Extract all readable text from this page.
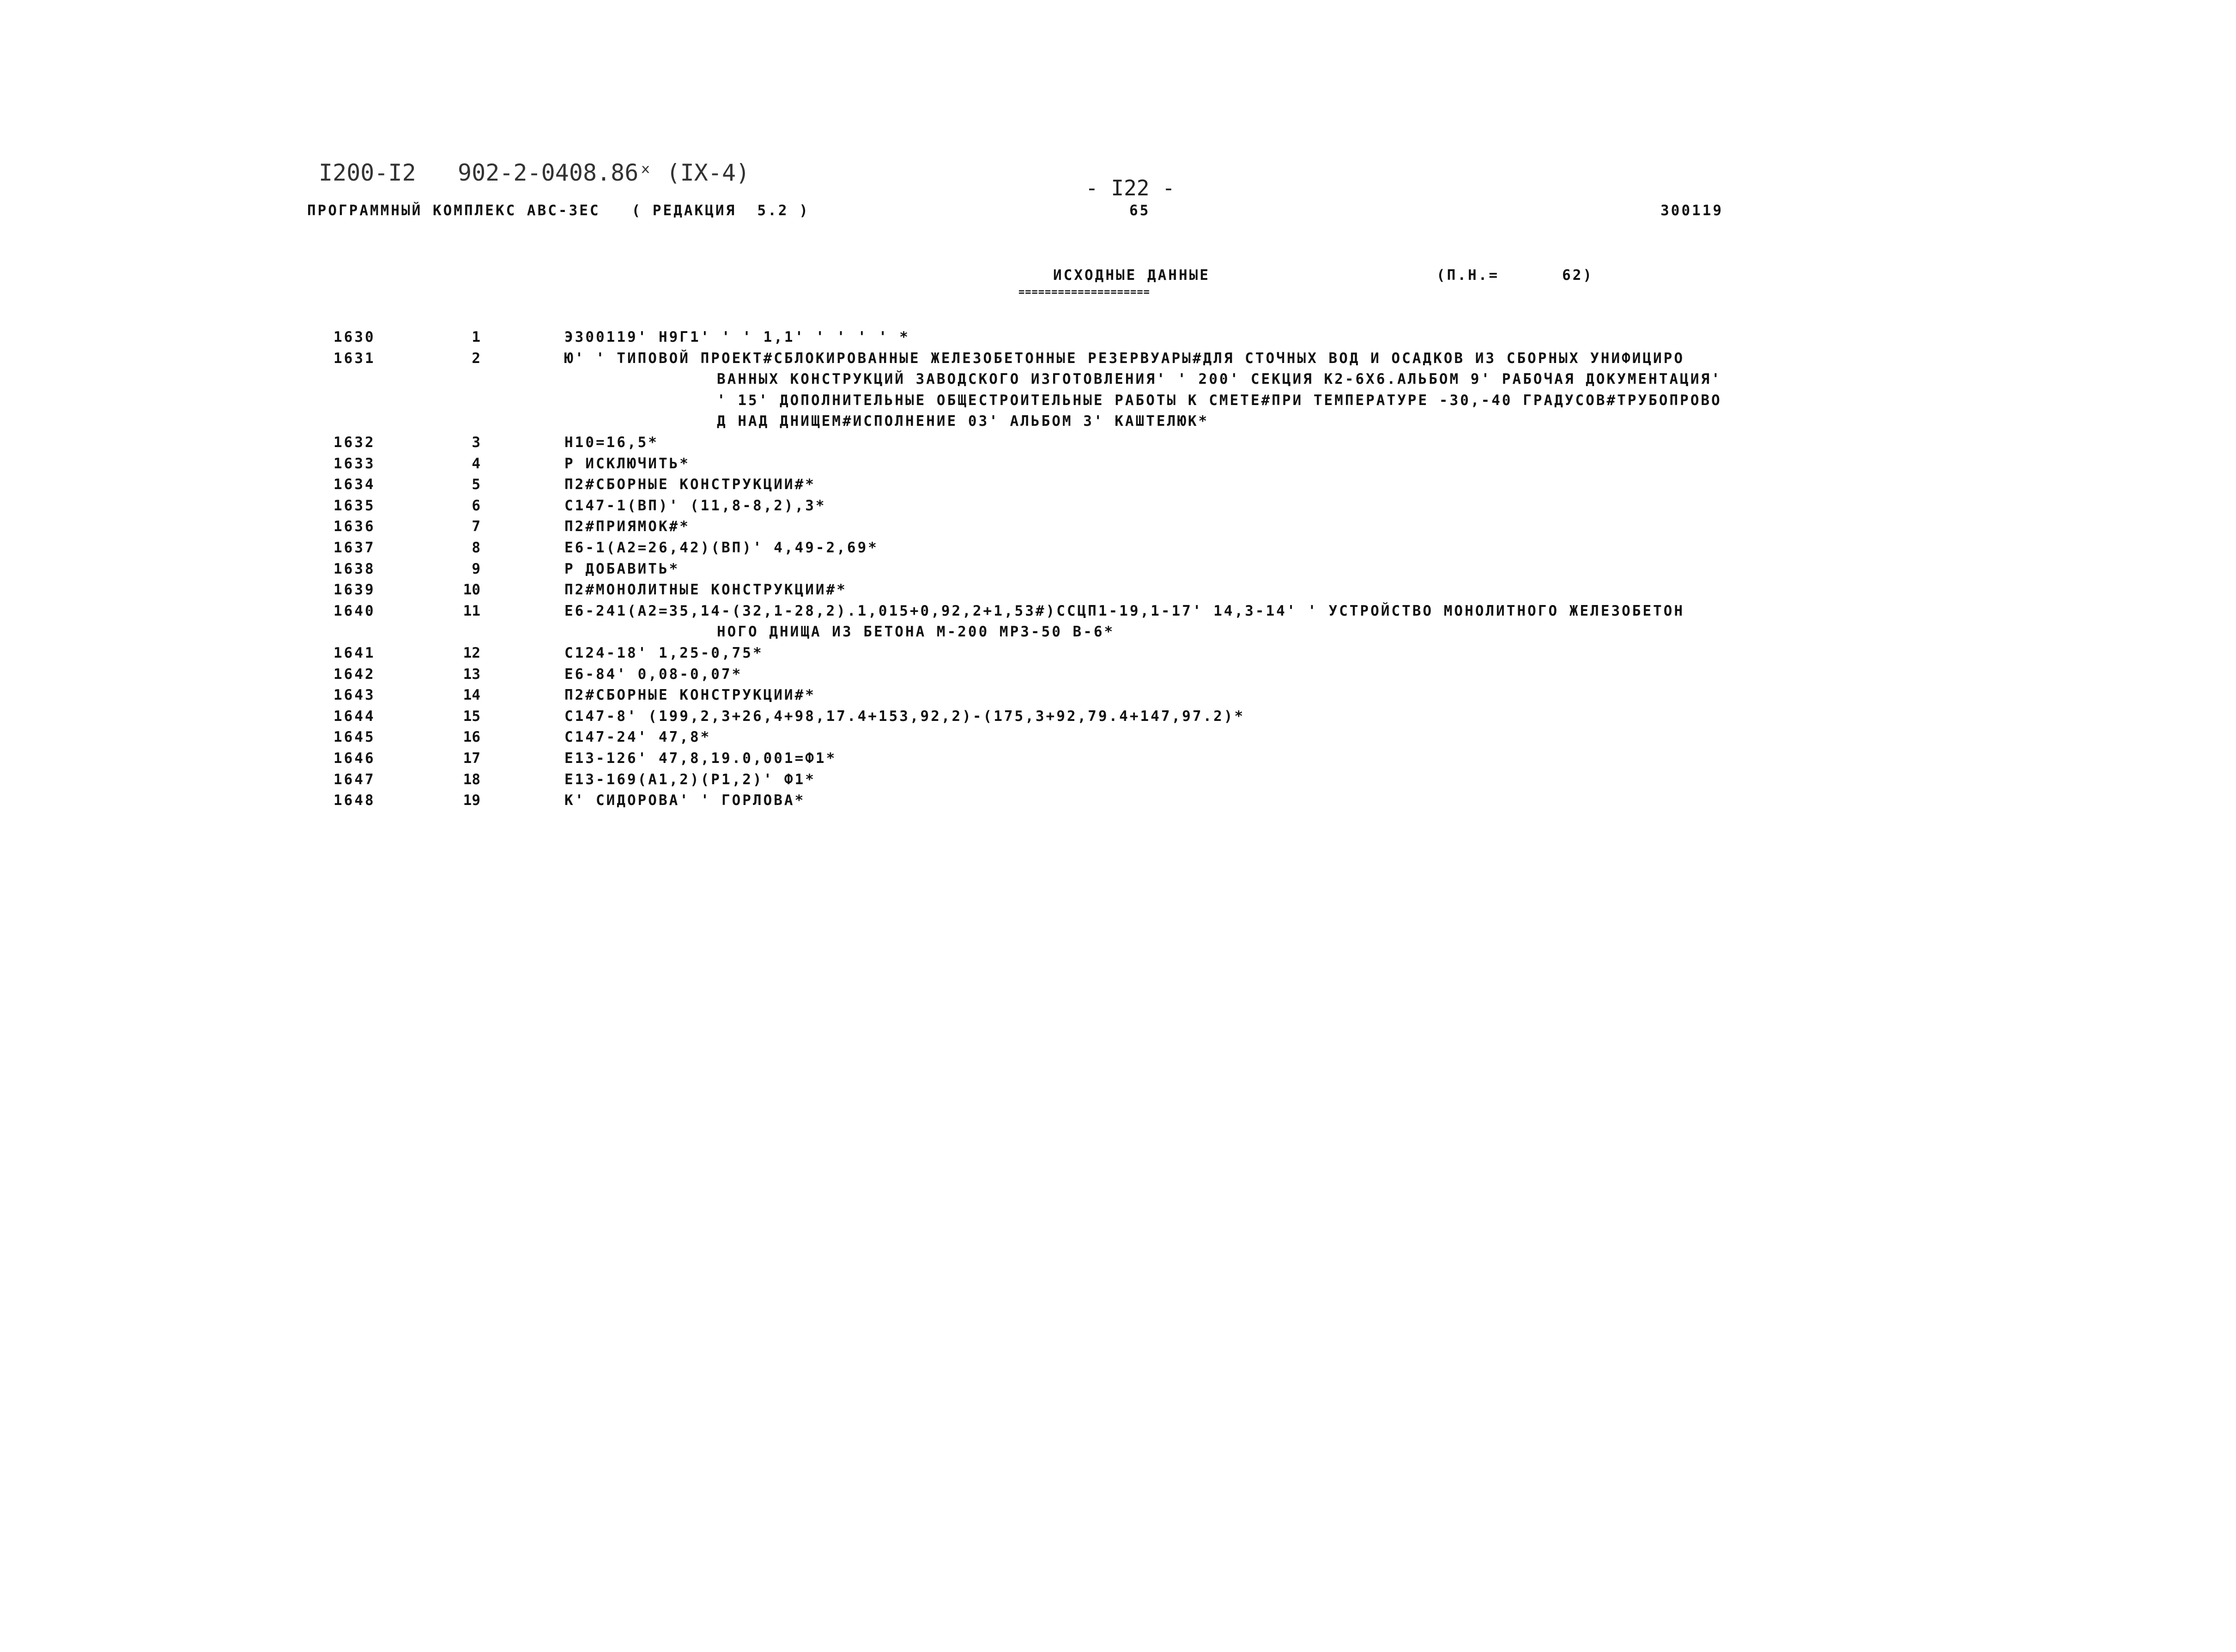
I200-I2   902-2-0408.86ˣ (IX-4)
ПРОГРАММНЫЙ КОМПЛЕКС АВС-ЗЕС   ( РЕДАКЦИЯ  5.2 )
- I22 -
65	300119
ИСХОДНЫЕ ДАННЫЕ
====================
(П.Н.=      62)
1630	1	Э300119' Н9Г1' ' ' 1,1' ' ' ' ' *
1631	2	Ю' ' ТИПОВОЙ ПРОЕКТ#СБЛОКИРОВАННЫЕ ЖЕЛЕЗОБЕТОННЫЕ РЕЗЕРВУАРЫ#ДЛЯ СТОЧНЫХ ВОД И ОСАДКОВ ИЗ СБОРНЫХ УНИФИЦИРО
ВАННЫХ КОНСТРУКЦИЙ ЗАВОДСКОГО ИЗГОТОВЛЕНИЯ' ' 200' СЕКЦИЯ К2-6Х6.АЛЬБОМ 9' РАБОЧАЯ ДОКУМЕНТАЦИЯ'
' 15' ДОПОЛНИТЕЛЬНЫЕ ОБЩЕСТРОИТЕЛЬНЫЕ РАБОТЫ К СМЕТЕ#ПРИ ТЕМПЕРАТУРЕ -30,-40 ГРАДУСОВ#ТРУБОПРОВО
Д НАД ДНИЩЕМ#ИСПОЛНЕНИЕ 03' АЛЬБОМ 3' КАШТЕЛЮК*
1632	3	Н10=16,5*
1633	4	Р ИСКЛЮЧИТЬ*
1634	5	П2#СБОРНЫЕ КОНСТРУКЦИИ#*
1635	6	С147-1(ВП)' (11,8-8,2),3*
1636	7	П2#ПРИЯМОК#*
1637	8	Е6-1(А2=26,42)(ВП)' 4,49-2,69*
1638	9	Р ДОБАВИТЬ*
1639	10	П2#МОНОЛИТНЫЕ КОНСТРУКЦИИ#*
1640	11	Е6-241(А2=35,14-(32,1-28,2).1,015+0,92,2+1,53#)ССЦП1-19,1-17' 14,3-14' ' УСТРОЙСТВО МОНОЛИТНОГО ЖЕЛЕЗОБЕТОН
НОГО ДНИЩА ИЗ БЕТОНА М-200 МРЗ-50 В-6*
1641	12	С124-18' 1,25-0,75*
1642	13	Е6-84' 0,08-0,07*
1643	14	П2#СБОРНЫЕ КОНСТРУКЦИИ#*
1644	15	С147-8' (199,2,3+26,4+98,17.4+153,92,2)-(175,3+92,79.4+147,97.2)*
1645	16	С147-24' 47,8*
1646	17	Е13-126' 47,8,19.0,001=Ф1*
1647	18	Е13-169(А1,2)(Р1,2)' Ф1*
1648	19	К' СИДОРОВА' ' ГОРЛОВА*
